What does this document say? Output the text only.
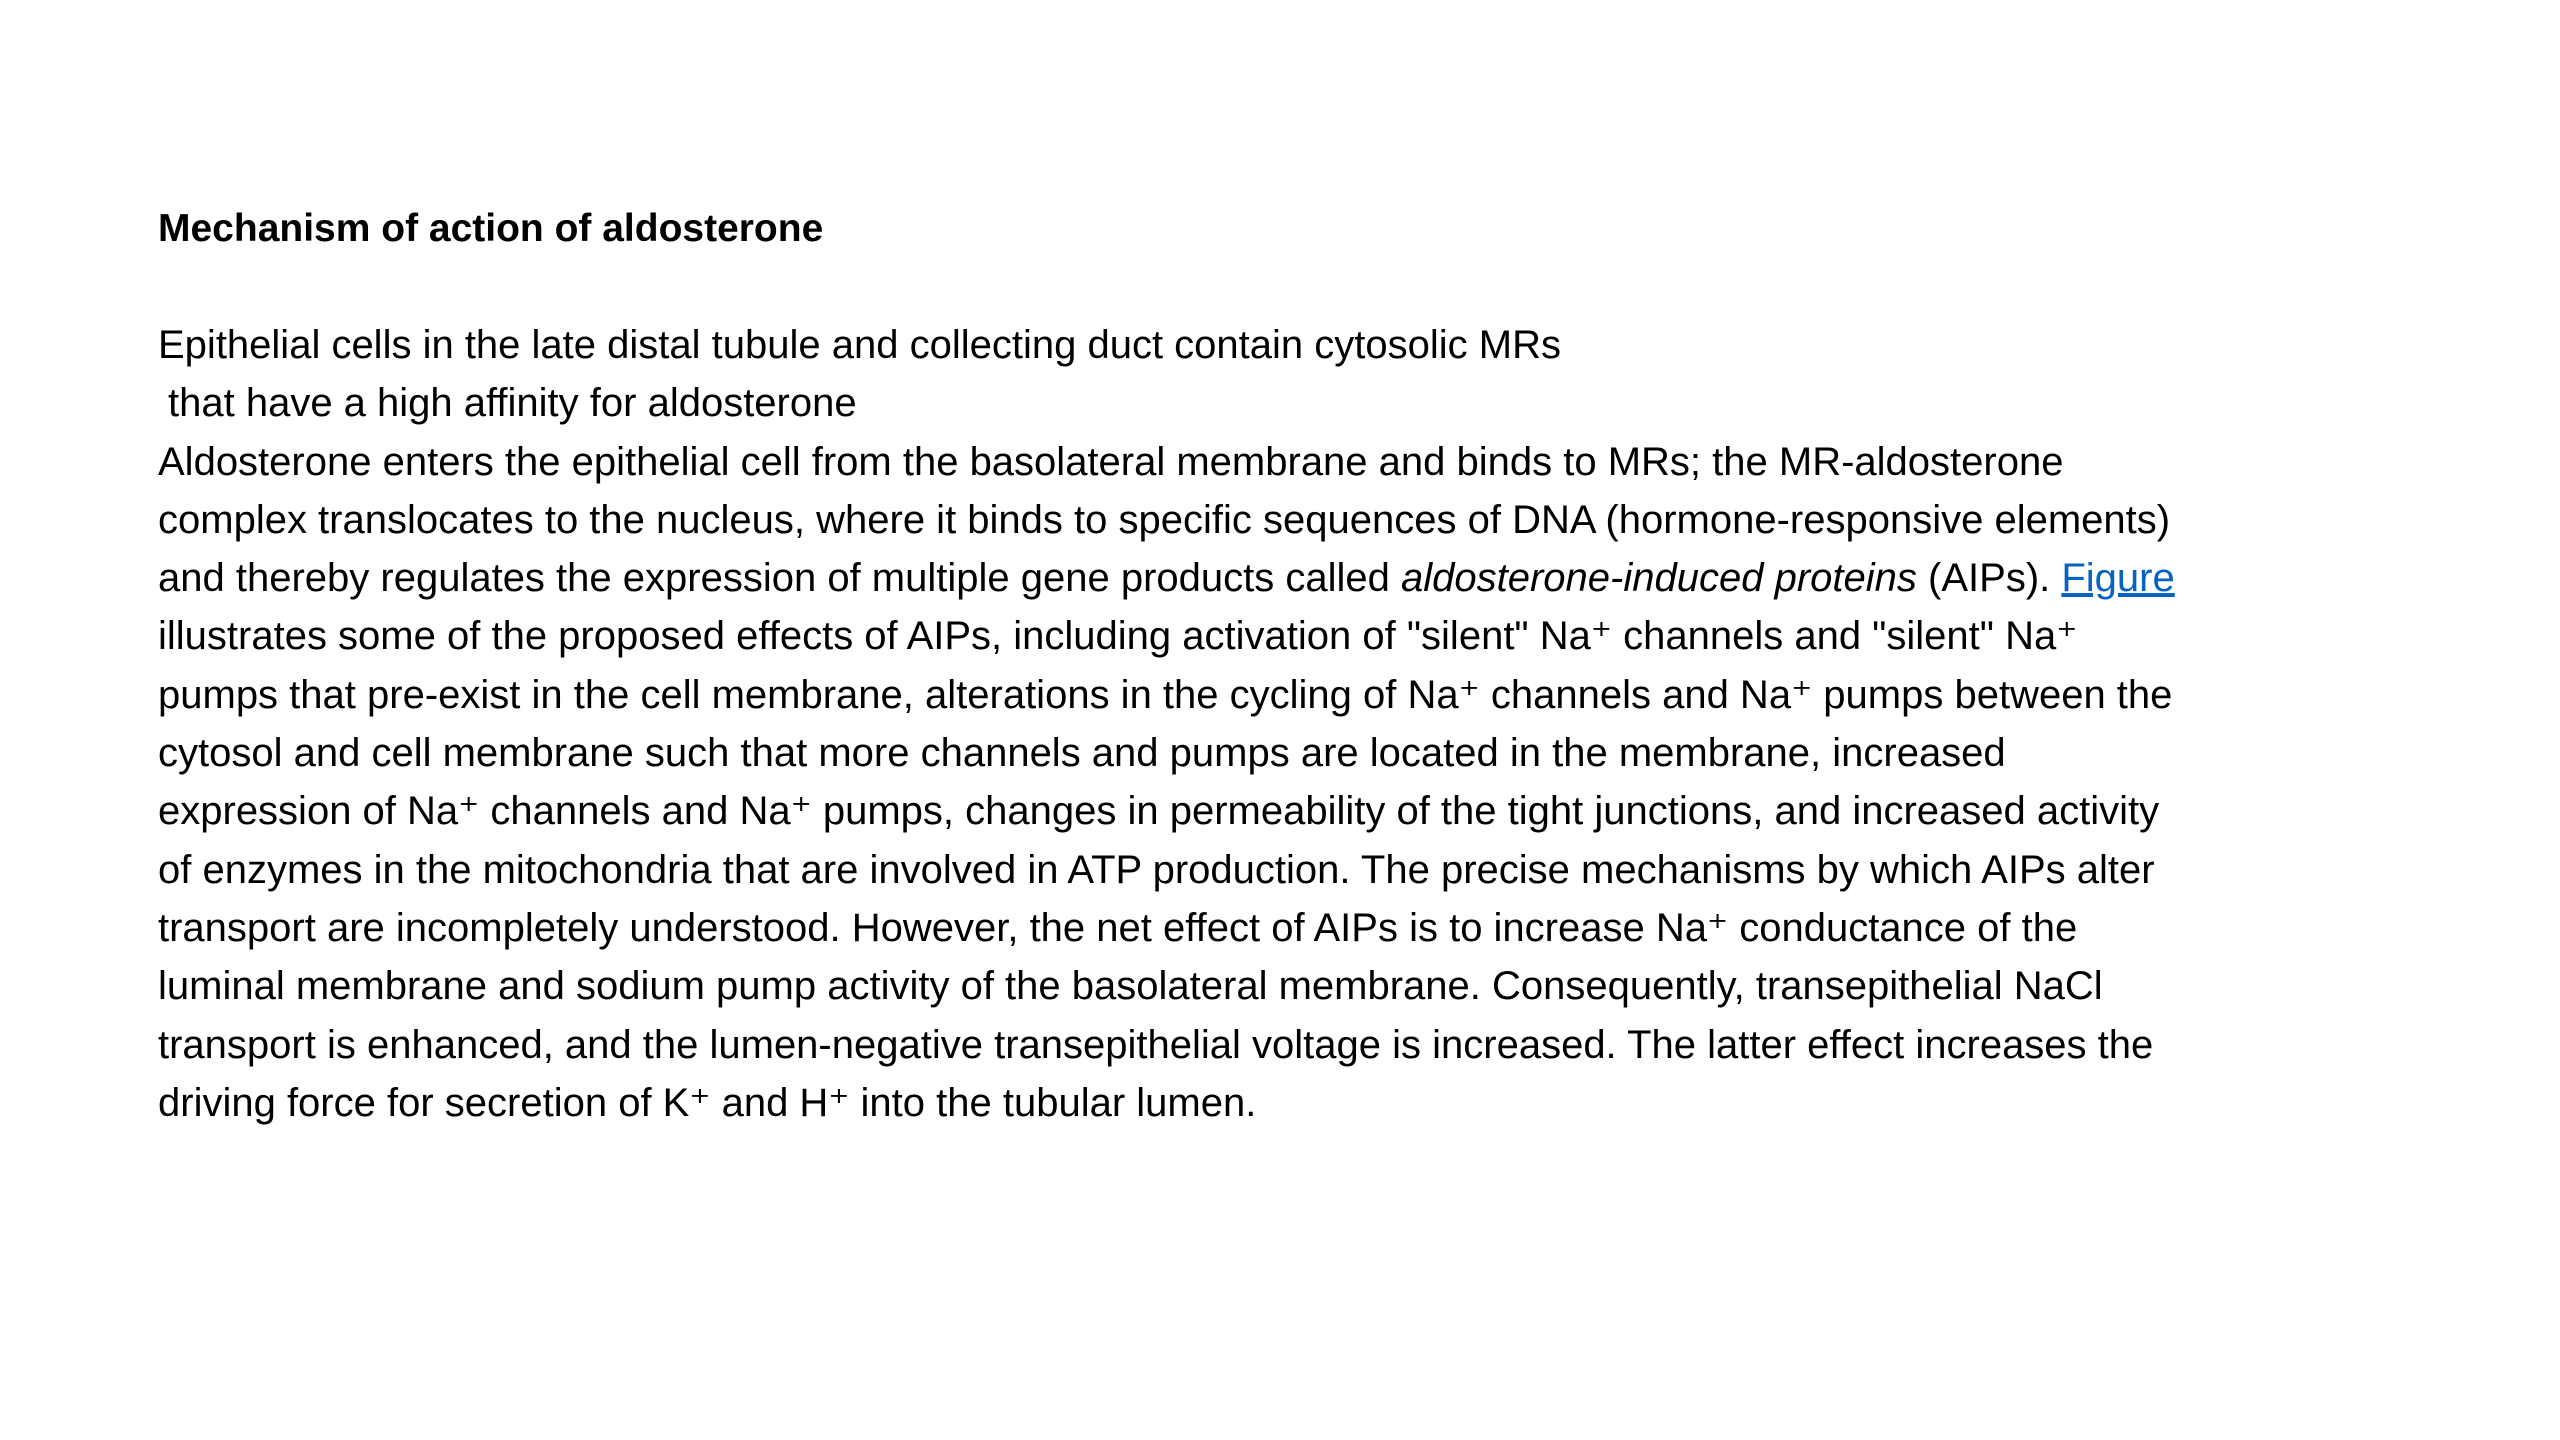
Mechanism of action of aldosterone
Epithelial cells in the late distal tubule and collecting duct contain cytosolic MRs
that have a high affinity for aldosterone
Aldosterone enters the epithelial cell from the basolateral membrane and binds to MRs; the MR-aldosterone
complex translocates to the nucleus, where it binds to specific sequences of DNA (hormone-responsive elements)
and thereby regulates the expression of multiple gene products called aldosterone-induced proteins (AIPs). Figure
illustrates some of the proposed effects of AIPs, including activation of "silent" Na⁺ channels and "silent" Na⁺
pumps that pre-exist in the cell membrane, alterations in the cycling of Na⁺ channels and Na⁺ pumps between the
cytosol and cell membrane such that more channels and pumps are located in the membrane, increased
expression of Na⁺ channels and Na⁺ pumps, changes in permeability of the tight junctions, and increased activity
of enzymes in the mitochondria that are involved in ATP production. The precise mechanisms by which AIPs alter
transport are incompletely understood. However, the net effect of AIPs is to increase Na⁺ conductance of the
luminal membrane and sodium pump activity of the basolateral membrane. Consequently, transepithelial NaCl
transport is enhanced, and the lumen-negative transepithelial voltage is increased. The latter effect increases the
driving force for secretion of K⁺ and H⁺ into the tubular lumen.
